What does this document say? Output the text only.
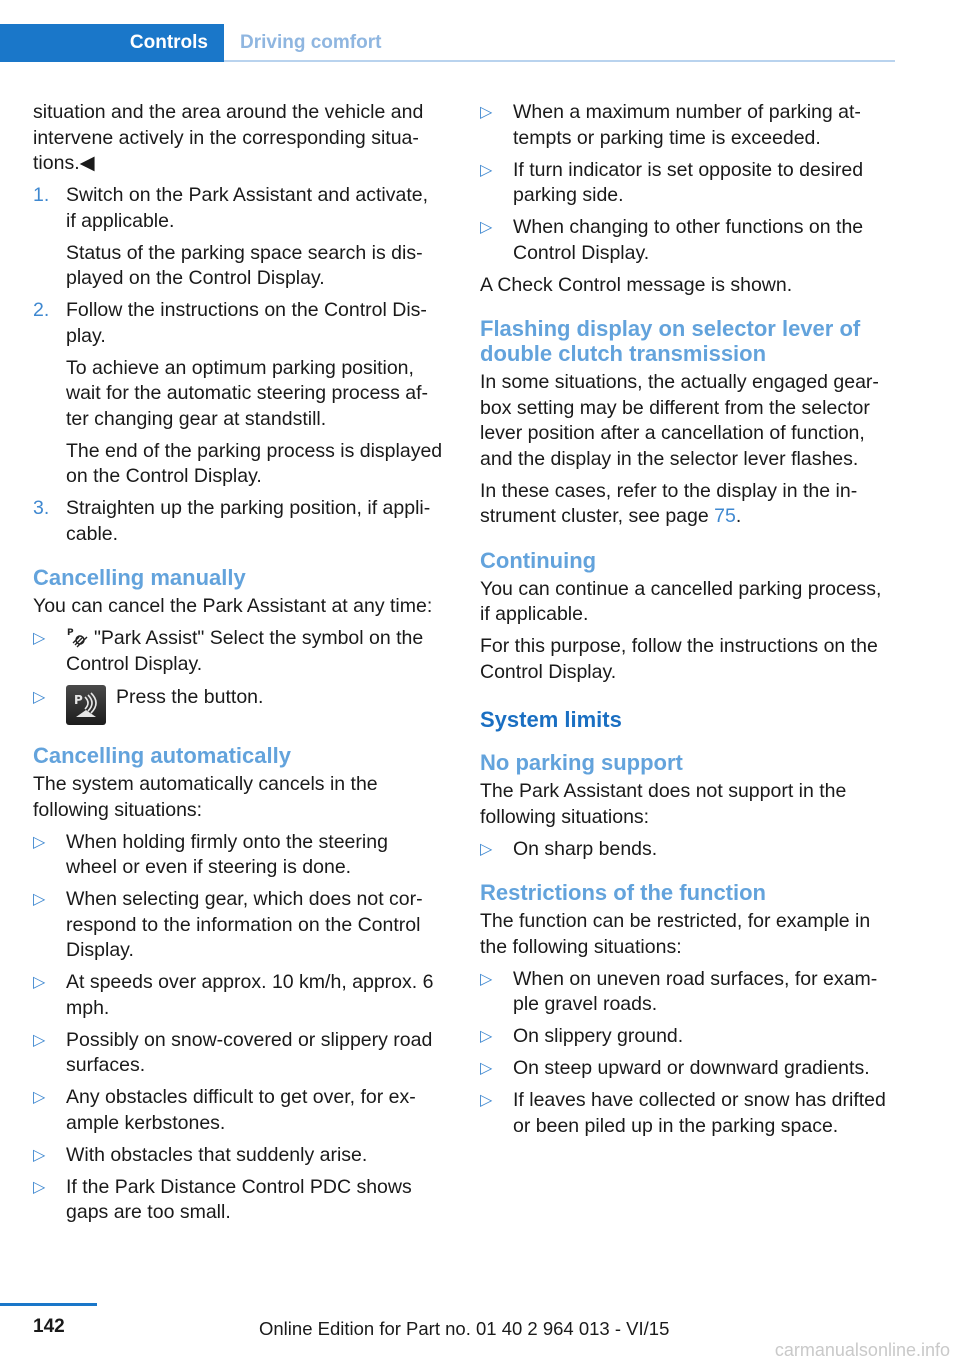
Controls	Driving comfort

situation and the area around the vehicle and intervene actively in the corresponding situations.◀

1. Switch on the Park Assistant and activate, if applicable.
Status of the parking space search is displayed on the Control Display.
2. Follow the instructions on the Control Display.
To achieve an optimum parking position, wait for the automatic steering process after changing gear at standstill.
The end of the parking process is displayed on the Control Display.
3. Straighten up the parking position, if applicable.
Cancelling manually

You can cancel the Park Assistant at any time:

▷ P "Park Assist" Select the symbol on the Control Display.
▷ P Press the button.
Cancelling automatically

The system automatically cancels in the following situations:

▷ When holding firmly onto the steering wheel or even if steering is done.
▷ When selecting gear, which does not correspond to the information on the Control Display.
▷ At speeds over approx. 10 km/h, approx. 6 mph.
▷ Possibly on snow-covered or slippery road surfaces.
▷ Any obstacles difficult to get over, for example kerbstones.
▷ With obstacles that suddenly arise.
▷ If the Park Distance Control PDC shows gaps are too small.
▷ When a maximum number of parking attempts or parking time is exceeded.
▷ If turn indicator is set opposite to desired parking side.
▷ When changing to other functions on the Control Display.

A Check Control message is shown.

Flashing display on selector lever of double clutch transmission

In some situations, the actually engaged gearbox setting may be different from the selector lever position after a cancellation of function, and the display in the selector lever flashes.

In these cases, refer to the display in the instrument cluster, see page 75.

Continuing

You can continue a cancelled parking process, if applicable.

For this purpose, follow the instructions on the Control Display.

System limits
No parking support

The Park Assistant does not support in the following situations:

▷ On sharp bends.
Restrictions of the function

The function can be restricted, for example in the following situations:

▷ When on uneven road surfaces, for example gravel roads.
▷ On slippery ground.
▷ On steep upward or downward gradients.
▷ If leaves have collected or snow has drifted or been piled up in the parking space.
142	Online Edition for Part no. 01 40 2 964 013 - VI/15
carmanualsonline.info
